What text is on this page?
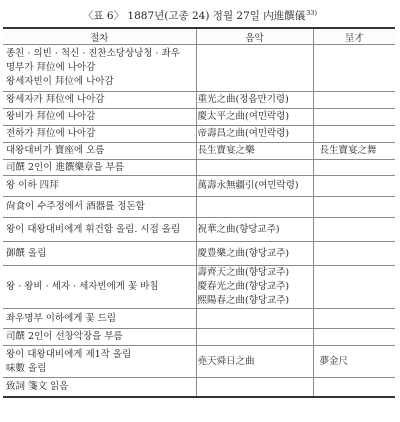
〈표 6〉 1887년(고종 24) 정월 27일 内進饌儀$^{33)}$
절차	음악	呈才

종친 · 의빈 · 척신 · 진찬소당상낭청 · 좌우
명부가 拜位에 나아감
왕세자빈이 拜位에 나아감		

왕세자가 拜位에 나아감	重光之曲(정읍만기령)	

왕비가 拜位에 나아감	慶太平之曲(여민락령)	

전하가 拜位에 나아감	帝壽昌之曲(여민락령)	

대왕대비가 寶座에 오름	長生寶宴之樂	長生寶宴之舞

司饌 2인이 進饌樂章을 부름		

왕 이하 四拜	萬壽永無疆引(여민락령)	

尙食이 수주정에서 酒器를 정돈함		

왕이 대왕대비에게 휘건함 올림. 시접 올림	祝華之曲(향당교주)	

御饌 올림	慶豊樂之曲(향당교주)	

왕 · 왕비 · 세자 · 세자빈에게 꽃 바침	壽齊天之曲(향당교주)
慶春光之曲(향당교주)
熙陽春之曲(향당교주)	

좌우명부 이하에게 꽃 드림		

司饌 2인이 선창악장을 부름		

왕이 대왕대비에게 제1작 올림
味數 올림	堯天舜日之曲	夢金尺

致詞 箋文 읽음		
